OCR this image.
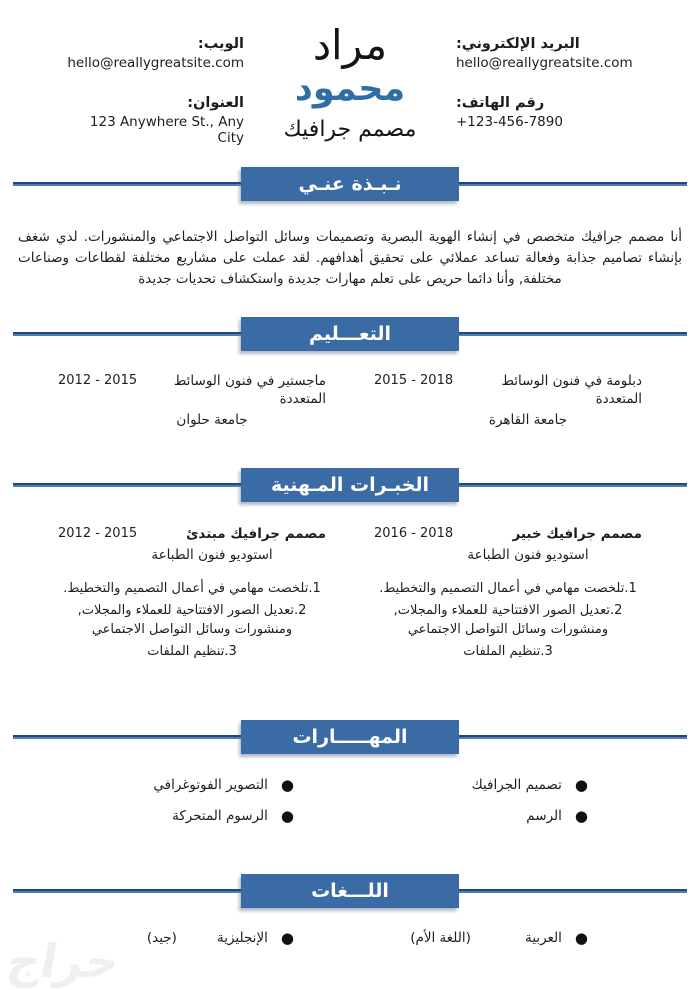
البريد الإلكتروني:
hello@reallygreatsite.com
رقم الهاتف:
+123-456-7890
مراد
محمود
مصمم جرافيك
الويب:
hello@reallygreatsite.com
العنوان:
123 Anywhere St., Any City
نـبـذة عنـي

أنا مصمم جرافيك متخصص في إنشاء الهوية البصرية وتصميمات وسائل التواصل الاجتماعي والمنشورات. لدي شغف بإنشاء تصاميم جذابة وفعالة تساعد عملائي على تحقيق أهدافهم. لقد عملت على مشاريع مختلفة لقطاعات وصناعات مختلفة, وأنا دائما حريص على تعلم مهارات جديدة واستكشاف تحديات جديدة

التعـــليم
دبلومة في فنون الوسائط المتعددة
2015 - 2018
جامعة القاهرة
ماجستير في فنون الوسائط المتعددة
2012 - 2015
جامعة حلوان
الخبـرات المـهنية
مصمم جرافيك خبير
2016 - 2018
استوديو فنون الطباعة
1.تلخصت مهامي في أعمال التصميم والتخطيط.
2.تعديل الصور الافتتاحية للعملاء والمجلات, ومنشورات وسائل التواصل الاجتماعي
3.تنظيم الملفات
مصمم جرافيك مبتدئ
2012 - 2015
استوديو فنون الطباعة
1.تلخصت مهامي في أعمال التصميم والتخطيط.
2.تعديل الصور الافتتاحية للعملاء والمجلات, ومنشورات وسائل التواصل الاجتماعي
3.تنظيم الملفات
المهـــــارات
●
تصميم الجرافيك
●
الرسم
●
التصوير الفوتوغرافي
●
الرسوم المتحركة
اللـــغات
●
العربية
(اللغة الأم)
●
الإنجليزية
(جيد)
حراج
